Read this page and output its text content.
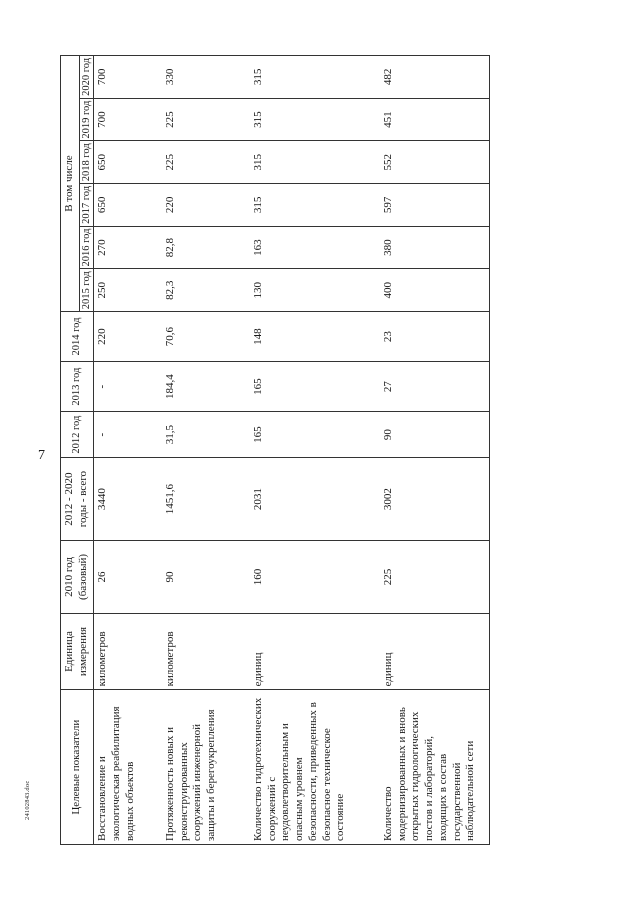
7
24102843.doc	Целевые показатели	Единица измерения	2010 год (базовый)	2012 - 2020 годы - всего	2012 год	2013 год	2014 год	В том числе					
							2015 год	2016 год	2017 год	2018 год	2019 год	2020 год
Восстановление и экологическая реабилитация водных объектов	километров	26	3440	-	-	220	250	270	650	650	700	700
Протяженность новых и реконструированных сооружений инженерной защиты и берегоукрепления	километров	90	1451,6	31,5	184,4	70,6	82,3	82,8	220	225	225	330
Количество гидротехнических сооружений с неудовлетворительным и опасным уровнем безопасности, приведенных в безопасное техническое состояние	единиц	160	2031	165	165	148	130	163	315	315	315	315
Количество модернизированных и вновь открытых гидрологических постов и лабораторий, входящих в состав государственной наблюдательной сети	единиц	225	3002	90	27	23	400	380	597	552	451	482
